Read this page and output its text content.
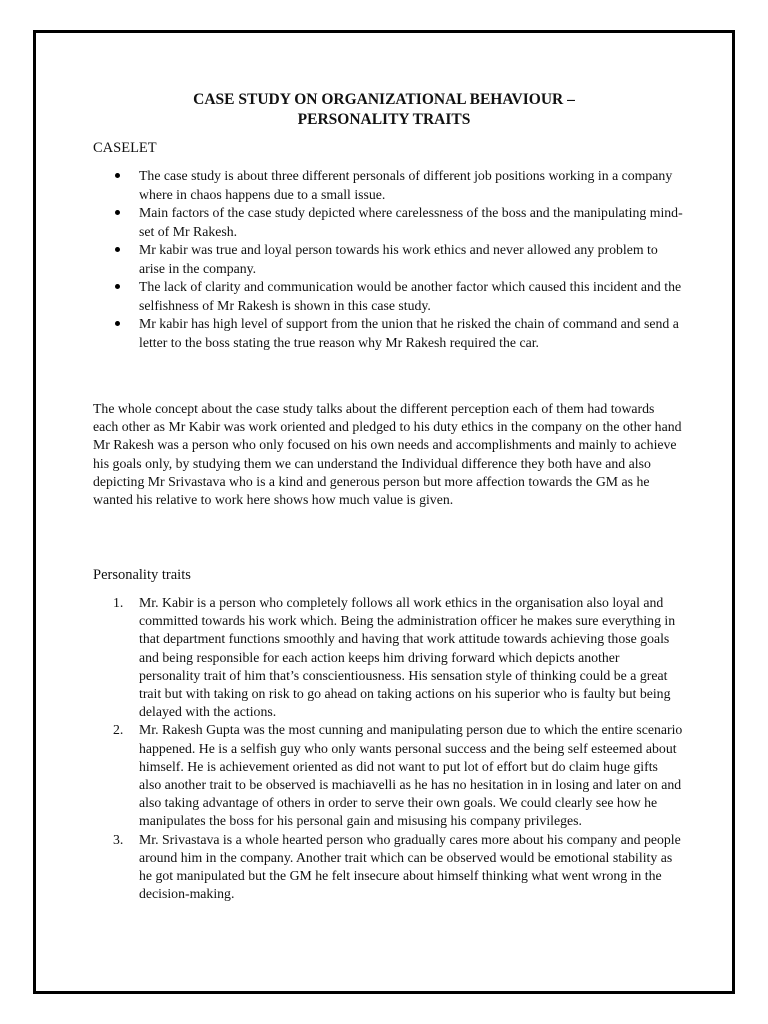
CASE STUDY ON ORGANIZATIONAL BEHAVIOUR –
PERSONALITY TRAITS
CASELET
The case study is about three different personals of different job positions working in a company where in chaos happens due to a small issue.
Main factors of the case study depicted where carelessness of the boss and the manipulating mind-set of Mr Rakesh.
Mr kabir was true and loyal person towards his work ethics and never allowed any problem to arise in the company.
The lack of clarity and communication would be another factor which caused this incident and the selfishness of Mr Rakesh is shown in this case study.
Mr kabir has high level of support from the union that he risked the chain of command and send a letter to the boss stating the true reason why Mr Rakesh required the car.

The whole concept about the case study talks about the different perception each of them had towards each other as Mr Kabir was work oriented and pledged to his duty ethics in the company on the other hand Mr Rakesh was a person who only focused on his own needs and accomplishments and mainly to achieve his goals only, by studying them we can understand the Individual difference they both have and also depicting Mr Srivastava who is a kind and generous person but more affection towards the GM as he wanted his relative to work here shows how much value is given.

Personality traits
1. Mr. Kabir is a person who completely follows all work ethics in the organisation also loyal and committed towards his work which. Being the administration officer he makes sure everything in that department functions smoothly and having that work attitude towards achieving those goals and being responsible for each action keeps him driving forward which depicts another personality trait of him that’s conscientiousness. His sensation style of thinking could be a great trait but with taking on risk to go ahead on taking actions on his superior who is faulty but being delayed with the actions.
2. Mr. Rakesh Gupta was the most cunning and manipulating person due to which the entire scenario happened. He is a selfish guy who only wants personal success and the being self esteemed about himself. He is achievement oriented as did not want to put lot of effort but do claim huge gifts also another trait to be observed is machiavelli as he has no hesitation in in losing and later on and also taking advantage of others in order to serve their own goals. We could clearly see how he manipulates the boss for his personal gain and misusing his company privileges.
3. Mr. Srivastava is a whole hearted person who gradually cares more about his company and people around him in the company. Another trait which can be observed would be emotional stability as he got manipulated but the GM he felt insecure about himself thinking what went wrong in the decision-making.
